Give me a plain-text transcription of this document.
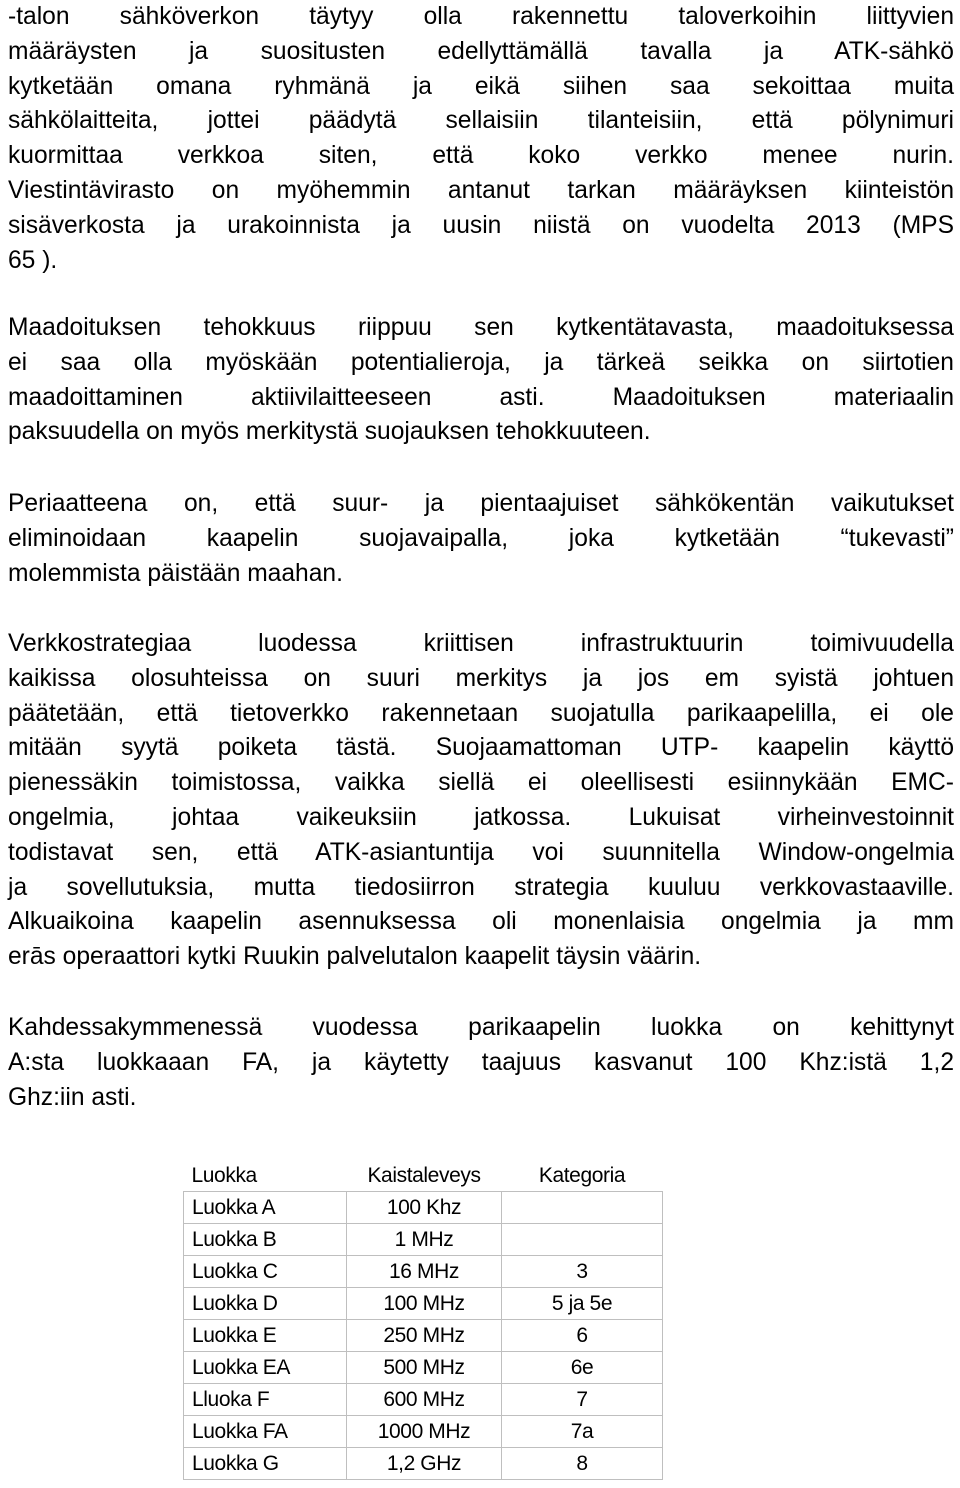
-talon sähköverkon täytyy olla rakennettu taloverkoihin liittyvien
määräysten ja suositusten edellyttämällä tavalla ja ATK-sähkö
kytketään omana ryhmänä ja eikä siihen saa sekoittaa muita
sähkölaitteita, jottei päädytä sellaisiin tilanteisiin, että pölynimuri
kuormittaa verkkoa siten, että koko verkko menee nurin.
Viestintävirasto on myöhemmin antanut tarkan määräyksen kiinteistön
sisäverkosta ja urakoinnista ja uusin niistä on vuodelta 2013 (MPS
65 ).

Maadoituksen tehokkuus riippuu sen kytkentätavasta, maadoituksessa
ei saa olla myöskään potentialieroja, ja tärkeä seikka on siirtotien
maadoittaminen aktiivilaitteeseen asti. Maadoituksen materiaalin
paksuudella on myös merkitystä suojauksen tehokkuuteen.

Periaatteena on, että suur- ja pientaajuiset sähkökentän vaikutukset
eliminoidaan kaapelin suojavaipalla, joka kytketään “tukevasti”
molemmista päistään maahan.

Verkkostrategiaa luodessa kriittisen infrastruktuurin toimivuudella
kaikissa olosuhteissa on suuri merkitys ja jos em syistä johtuen
päätetään, että tietoverkko rakennetaan suojatulla parikaapelilla, ei ole
mitään syytä poiketa tästä. Suojaamattoman UTP- kaapelin käyttö
pienessäkin toimistossa, vaikka siellä ei oleellisesti esiinnykään EMC-
ongelmia, johtaa vaikeuksiin jatkossa. Lukuisat virheinvestoinnit
todistavat sen, että ATK-asiantuntija voi suunnitella Window-ongelmia
ja sovellutuksia, mutta tiedosiirron strategia kuuluu verkkovastaaville.
Alkuaikoina kaapelin asennuksessa oli monenlaisia ongelmia ja mm
erās operaattori kytki Ruukin palvelutalon kaapelit täysin väärin.

Kahdessakymmenessä vuodessa parikaapelin luokka on kehittynyt
A:sta luokkaaan FA, ja käytetty taajuus kasvanut 100 Khz:istä 1,2
Ghz:iin asti.

Luokka	Kaistaleveys	Kategoria
Luokka A	100 Khz	
Luokka B	1 MHz	
Luokka C	16 MHz	3
Luokka D	100 MHz	5 ja 5e
Luokka E	250 MHz	6
Luokka EA	500 MHz	6e
Lluoka F	600 MHz	7
Luokka FA	1000 MHz	7a
Luokka G	1,2 GHz	8
